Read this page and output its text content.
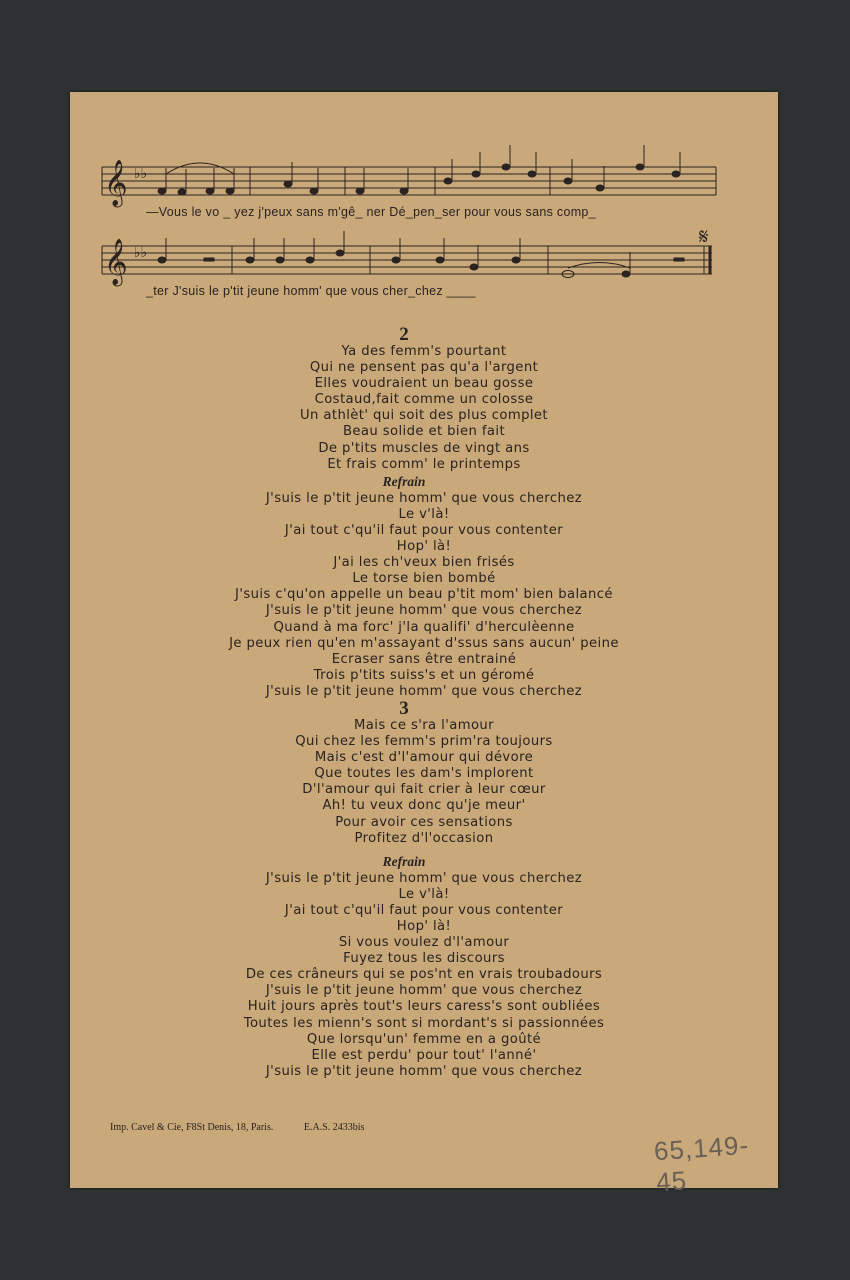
𝄞 ♭♭
𝄞 ♭♭
𝄋
—Vous le vo _ yez j'peux sans m'gê_ ner Dé_pen_ser pour vous sans comp_
_ter J'suis le p'tit jeune homm' que vous cher_chez ____
2
Ya des femm's pourtant
Qui ne pensent pas qu'a l'argent
Elles voudraient un beau gosse
Costaud,fait comme un colosse
Un athlèt' qui soit des plus complet
Beau solide et bien fait
De p'tits muscles de vingt ans
Et frais comm' le printemps
Refrain
J'suis le p'tit jeune homm' que vous cherchez
Le v'là!
J'ai tout c'qu'il faut pour vous contenter
Hop' là!
J'ai les ch'veux bien frisés
Le torse bien bombé
J'suis c'qu'on appelle un beau p'tit mom' bien balancé
J'suis le p'tit jeune homm' que vous cherchez
Quand à ma forc' j'la qualifi' d'herculèenne
Je peux rien qu'en m'assayant d'ssus sans aucun' peine
Ecraser sans être entrainé
Trois p'tits suiss's et un géromé
J'suis le p'tit jeune homm' que vous cherchez
3
Mais ce s'ra l'amour
Qui chez les femm's prim'ra toujours
Mais c'est d'l'amour qui dévore
Que toutes les dam's implorent
D'l'amour qui fait crier à leur cœur
Ah! tu veux donc qu'je meur'
Pour avoir ces sensations
Profitez d'l'occasion
Refrain
J'suis le p'tit jeune homm' que vous cherchez
Le v'là!
J'ai tout c'qu'il faut pour vous contenter
Hop' là!
Si vous voulez d'l'amour
Fuyez tous les discours
De ces crâneurs qui se pos'nt en vrais troubadours
J'suis le p'tit jeune homm' que vous cherchez
Huit jours après tout's leurs caress's sont oubliées
Toutes les mienn's sont si mordant's si passionnées
Que lorsqu'un' femme en a goûté
Elle est perdu' pour tout' l'anné'
J'suis le p'tit jeune homm' que vous cherchez
Imp. Cavel & Cie, F8St Denis, 18, Paris.	E.A.S. 2433bis
65,149-45
